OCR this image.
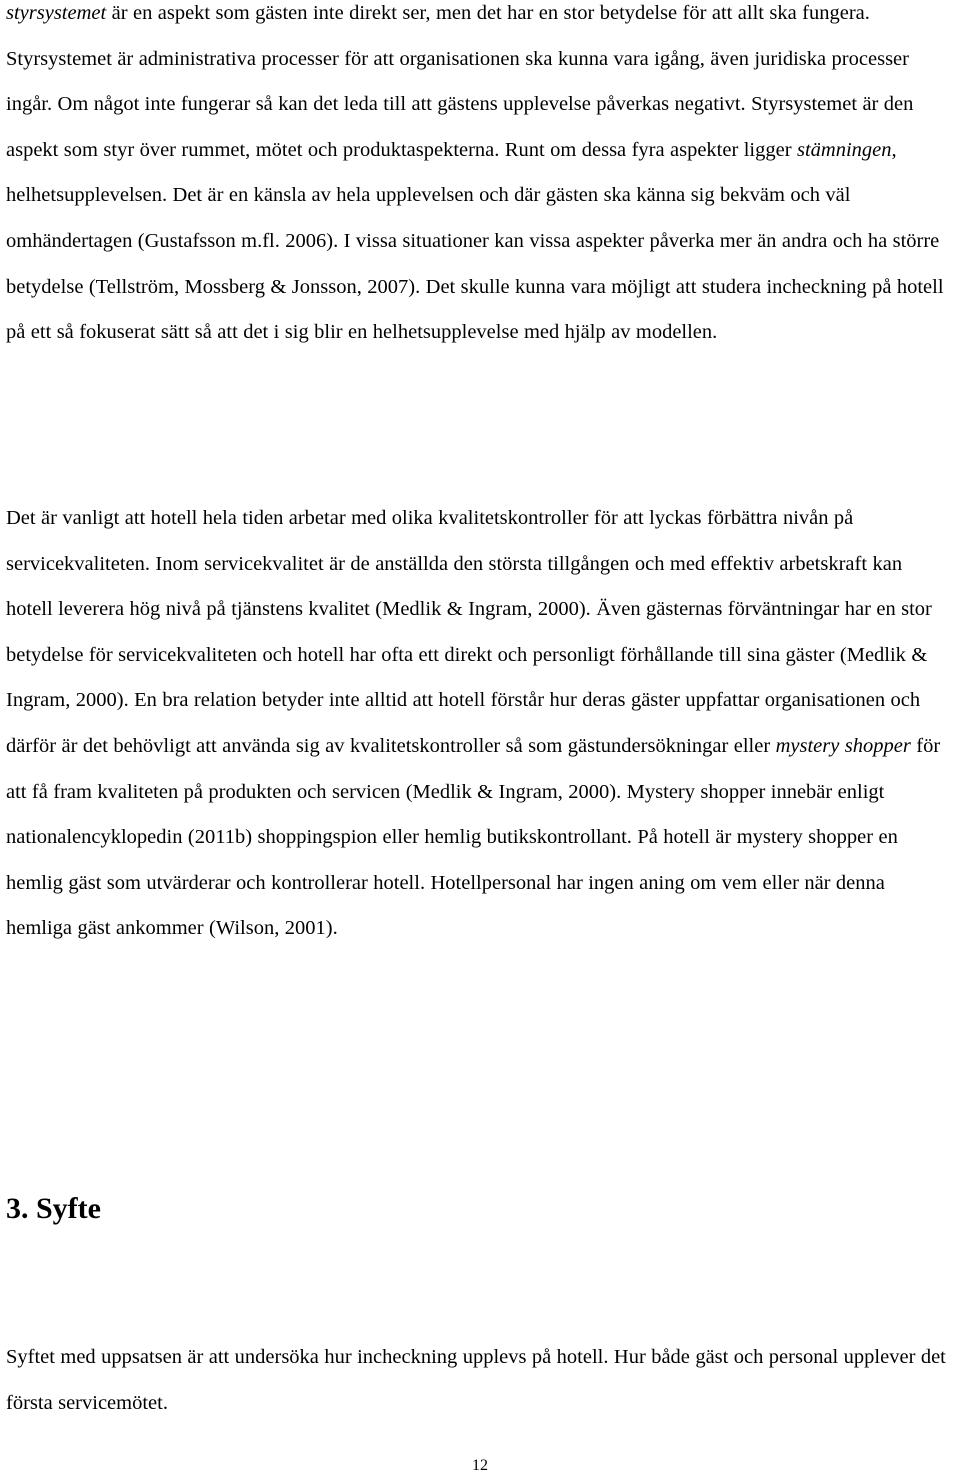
styrsystemet är en aspekt som gästen inte direkt ser, men det har en stor betydelse för att allt ska fungera. Styrsystemet är administrativa processer för att organisationen ska kunna vara igång, även juridiska processer ingår. Om något inte fungerar så kan det leda till att gästens upplevelse påverkas negativt. Styrsystemet är den aspekt som styr över rummet, mötet och produktaspekterna. Runt om dessa fyra aspekter ligger stämningen, helhetsupplevelsen. Det är en känsla av hela upplevelsen och där gästen ska känna sig bekväm och väl omhändertagen (Gustafsson m.fl. 2006). I vissa situationer kan vissa aspekter påverka mer än andra och ha större betydelse (Tellström, Mossberg & Jonsson, 2007). Det skulle kunna vara möjligt att studera incheckning på hotell på ett så fokuserat sätt så att det i sig blir en helhetsupplevelse med hjälp av modellen.

Det är vanligt att hotell hela tiden arbetar med olika kvalitetskontroller för att lyckas förbättra nivån på servicekvaliteten. Inom servicekvalitet är de anställda den största tillgången och med effektiv arbetskraft kan hotell leverera hög nivå på tjänstens kvalitet (Medlik & Ingram, 2000). Även gästernas förväntningar har en stor betydelse för servicekvaliteten och hotell har ofta ett direkt och personligt förhållande till sina gäster (Medlik & Ingram, 2000). En bra relation betyder inte alltid att hotell förstår hur deras gäster uppfattar organisationen och därför är det behövligt att använda sig av kvalitetskontroller så som gästundersökningar eller mystery shopper för att få fram kvaliteten på produkten och servicen (Medlik & Ingram, 2000). Mystery shopper innebär enligt nationalencyklopedin (2011b) shoppingspion eller hemlig butikskontrollant. På hotell är mystery shopper en hemlig gäst som utvärderar och kontrollerar hotell. Hotellpersonal har ingen aning om vem eller när denna hemliga gäst ankommer (Wilson, 2001).

3. Syfte

Syftet med uppsatsen är att undersöka hur incheckning upplevs på hotell. Hur både gäst och personal upplever det första servicemötet.

12
